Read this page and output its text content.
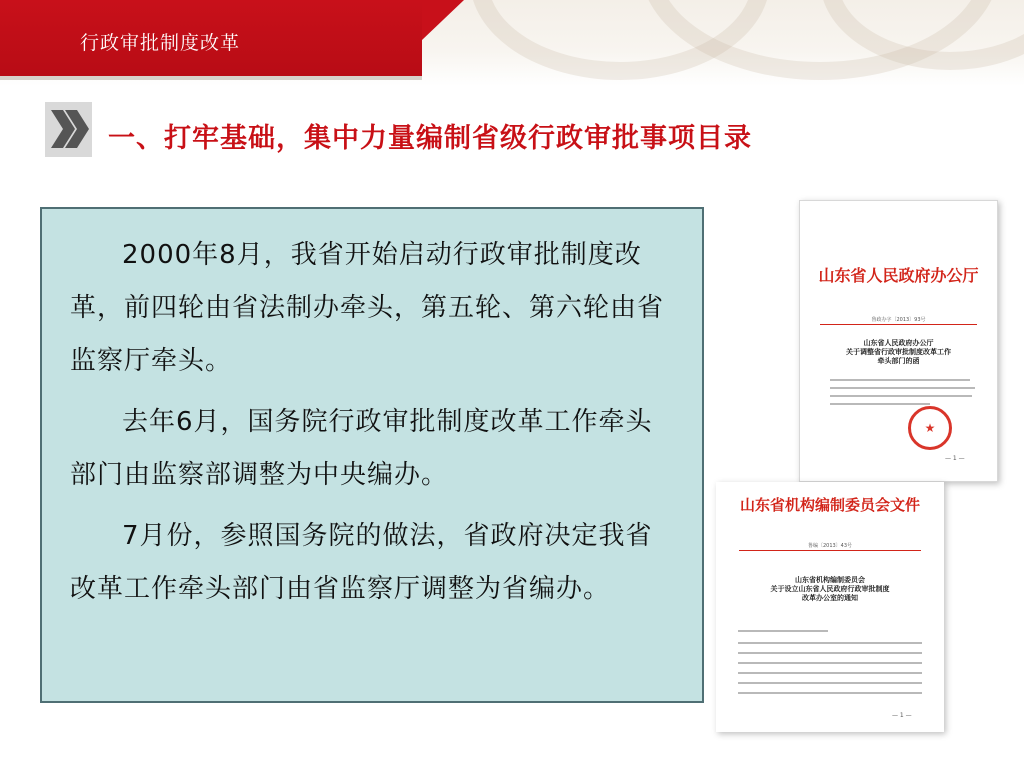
行政审批制度改革
一、打牢基础，集中力量编制省级行政审批事项目录

2000年8月，我省开始启动行政审批制度改革，前四轮由省法制办牵头，第五轮、第六轮由省监察厅牵头。

去年6月，国务院行政审批制度改革工作牵头部门由监察部调整为中央编办。

7月份，参照国务院的做法，省政府决定我省改革工作牵头部门由省监察厅调整为省编办。

山东省人民政府办公厅
鲁政办字〔2013〕93号
山东省人民政府办公厅
关于调整省行政审批制度改革工作
牵头部门的函
★
— 1 —
山东省机构编制委员会文件
鲁编〔2013〕43号
山东省机构编制委员会
关于设立山东省人民政府行政审批制度
改革办公室的通知
— 1 —
